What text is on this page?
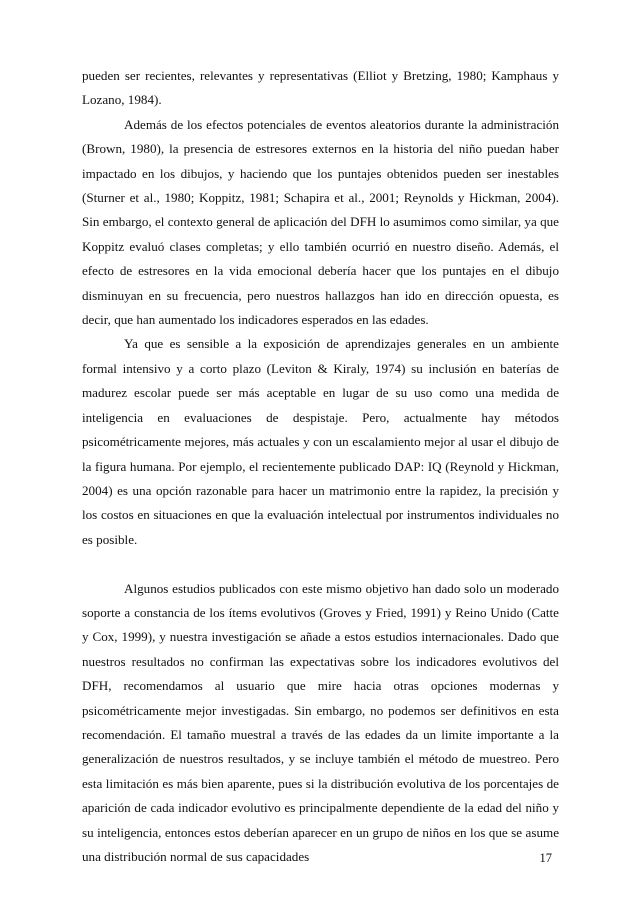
pueden ser recientes, relevantes y representativas (Elliot y Bretzing, 1980; Kamphaus y Lozano, 1984).

Además de los efectos potenciales de eventos aleatorios durante la administración (Brown, 1980), la presencia de estresores externos en la historia del niño puedan haber impactado en los dibujos, y haciendo que los puntajes obtenidos pueden ser inestables (Sturner et al., 1980; Koppitz, 1981; Schapira et al., 2001; Reynolds y Hickman, 2004). Sin embargo, el contexto general de aplicación del DFH lo asumimos como similar, ya que Koppitz evaluó clases completas; y ello también ocurrió en nuestro diseño. Además, el efecto de estresores en la vida emocional debería hacer que los puntajes en el dibujo disminuyan en su frecuencia, pero nuestros hallazgos han ido en dirección opuesta, es decir, que han aumentado los indicadores esperados en las edades.

Ya que es sensible a la exposición de aprendizajes generales en un ambiente formal intensivo y a corto plazo (Leviton & Kiraly, 1974) su inclusión en baterías de madurez escolar puede ser más aceptable en lugar de su uso como una medida de inteligencia en evaluaciones de despistaje. Pero, actualmente hay métodos psicométricamente mejores, más actuales y con un escalamiento mejor al usar el dibujo de la figura humana. Por ejemplo, el recientemente publicado DAP: IQ (Reynold y Hickman, 2004) es una opción razonable para hacer un matrimonio entre la rapidez, la precisión y los costos en situaciones en que la evaluación intelectual por instrumentos individuales no es posible.

Algunos estudios publicados con este mismo objetivo han dado solo un moderado soporte a constancia de los ítems evolutivos (Groves y Fried, 1991) y Reino Unido (Catte y Cox, 1999), y nuestra investigación se añade a estos estudios internacionales. Dado que nuestros resultados no confirman las expectativas sobre los indicadores evolutivos del DFH, recomendamos al usuario que mire hacia otras opciones modernas y psicométricamente mejor investigadas. Sin embargo, no podemos ser definitivos en esta recomendación. El tamaño muestral a través de las edades da un limite importante a la generalización de nuestros resultados, y se incluye también el método de muestreo. Pero esta limitación es más bien aparente, pues si la distribución evolutiva de los porcentajes de aparición de cada indicador evolutivo es principalmente dependiente de la edad del niño y su inteligencia, entonces estos deberían aparecer en un grupo de niños en los que se asume una distribución normal de sus capacidades	17
